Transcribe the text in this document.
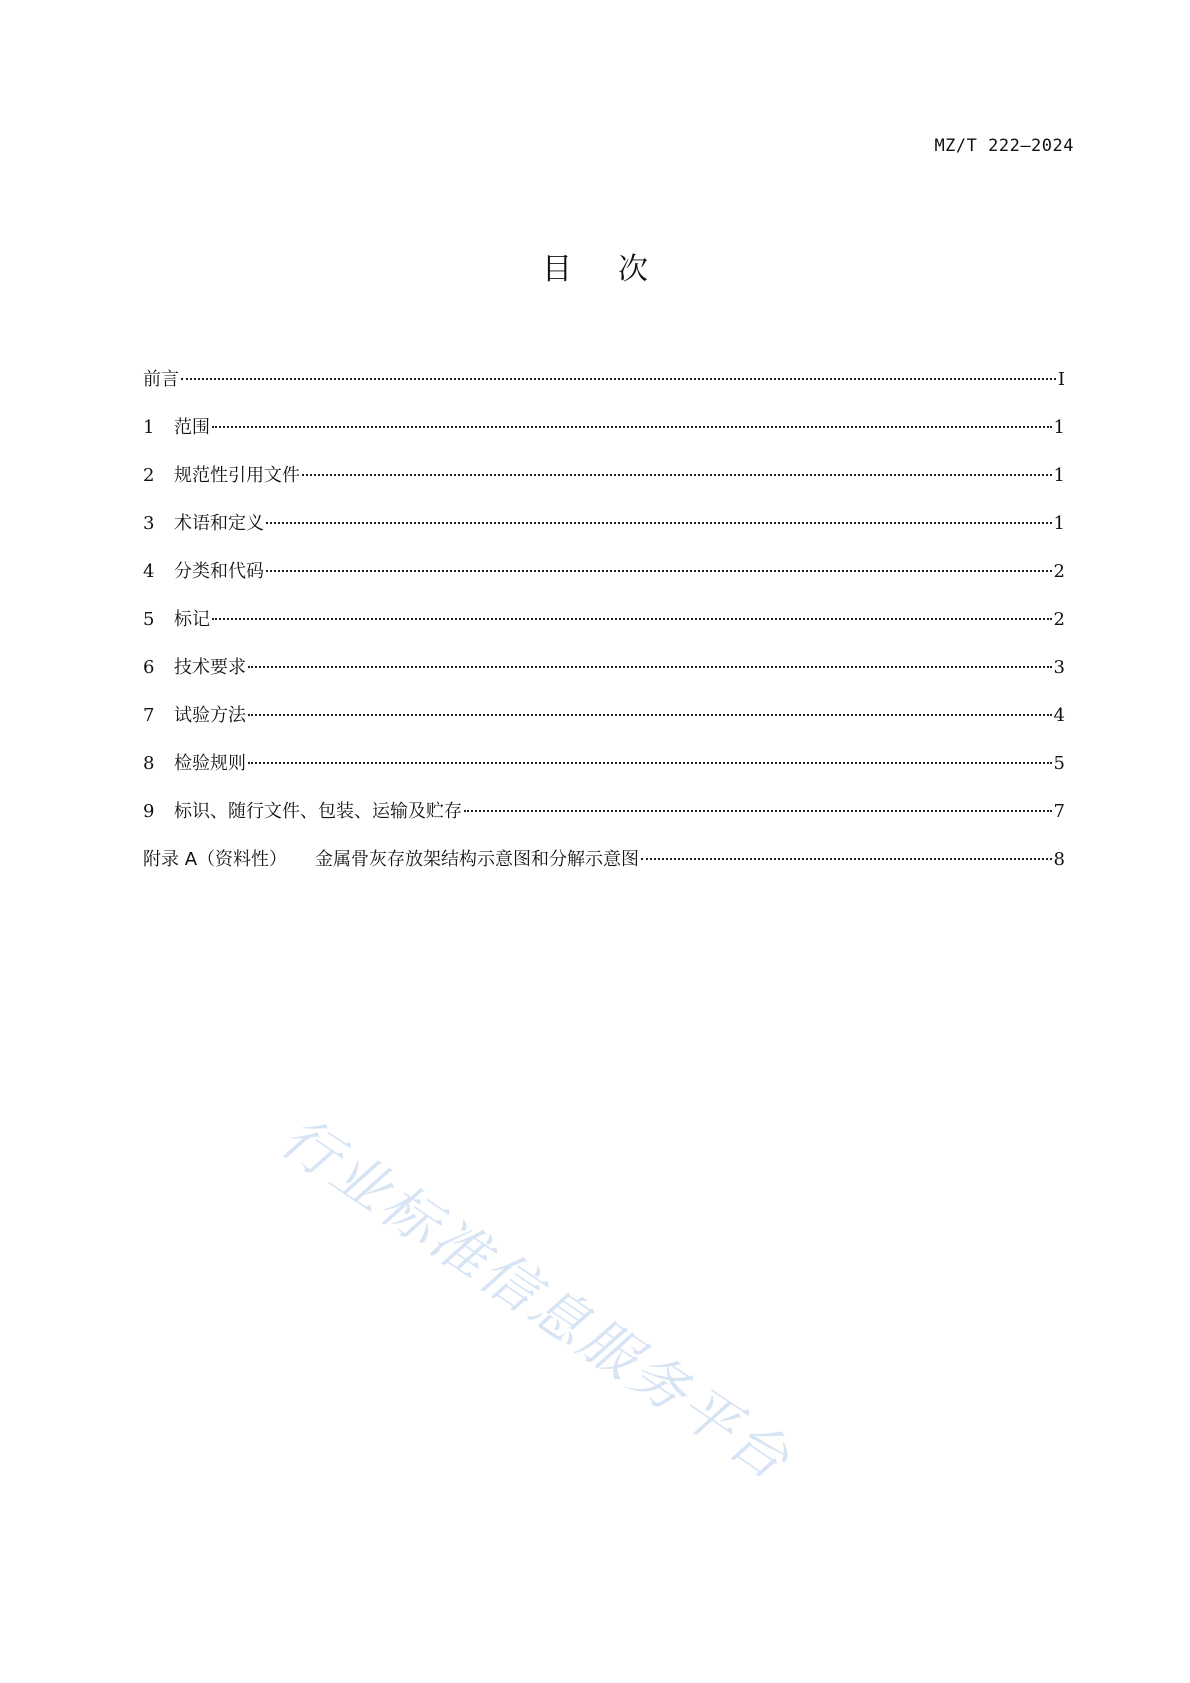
MZ/T 222—2024
目 次
前言	I
1	范围	1
2	规范性引用文件	1
3	术语和定义	1
4	分类和代码	2
5	标记	2
6	技术要求	3
7	试验方法	4
8	检验规则	5
9	标识、随行文件、包装、运输及贮存	7
附录 A（资料性） 金属骨灰存放架结构示意图和分解示意图	8
行业标准信息服务平台
